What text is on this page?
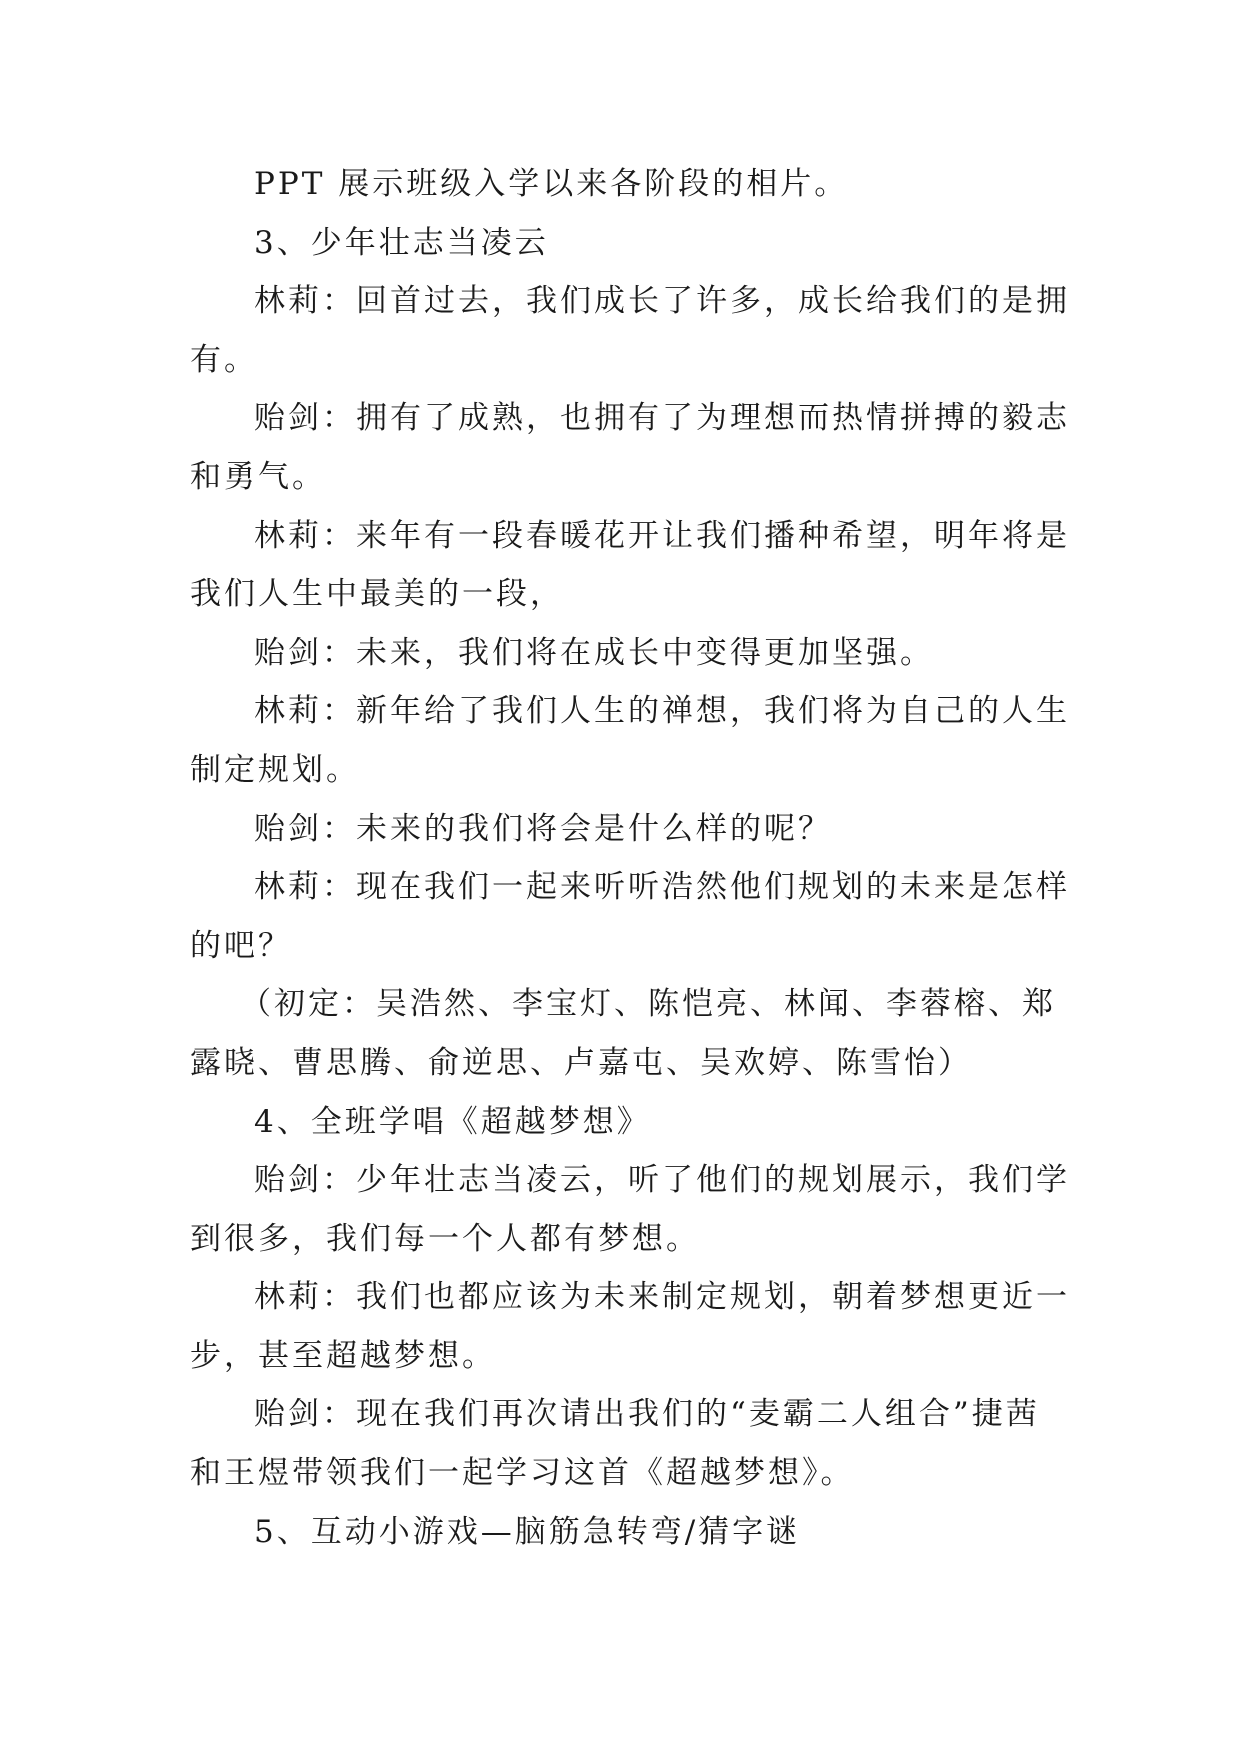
PPT 展示班级入学以来各阶段的相片。

3、少年壮志当凌云

林莉：回首过去，我们成长了许多，成长给我们的是拥有。

贻剑：拥有了成熟，也拥有了为理想而热情拼搏的毅志和勇气。

林莉：来年有一段春暖花开让我们播种希望，明年将是我们人生中最美的一段，

贻剑：未来，我们将在成长中变得更加坚强。

林莉：新年给了我们人生的禅想，我们将为自己的人生制定规划。

贻剑：未来的我们将会是什么样的呢？

林莉：现在我们一起来听听浩然他们规划的未来是怎样的吧？

（初定：吴浩然、李宝灯、陈恺亮、林闻、李蓉榕、郑露晓、曹思腾、俞逆思、卢嘉屯、吴欢婷、陈雪怡）

4、全班学唱《超越梦想》

贻剑：少年壮志当凌云，听了他们的规划展示，我们学到很多，我们每一个人都有梦想。

林莉：我们也都应该为未来制定规划，朝着梦想更近一步，甚至超越梦想。

贻剑：现在我们再次请出我们的“麦霸二人组合”捷茜和王煜带领我们一起学习这首《超越梦想》。

5、互动小游戏—脑筋急转弯/猜字谜
